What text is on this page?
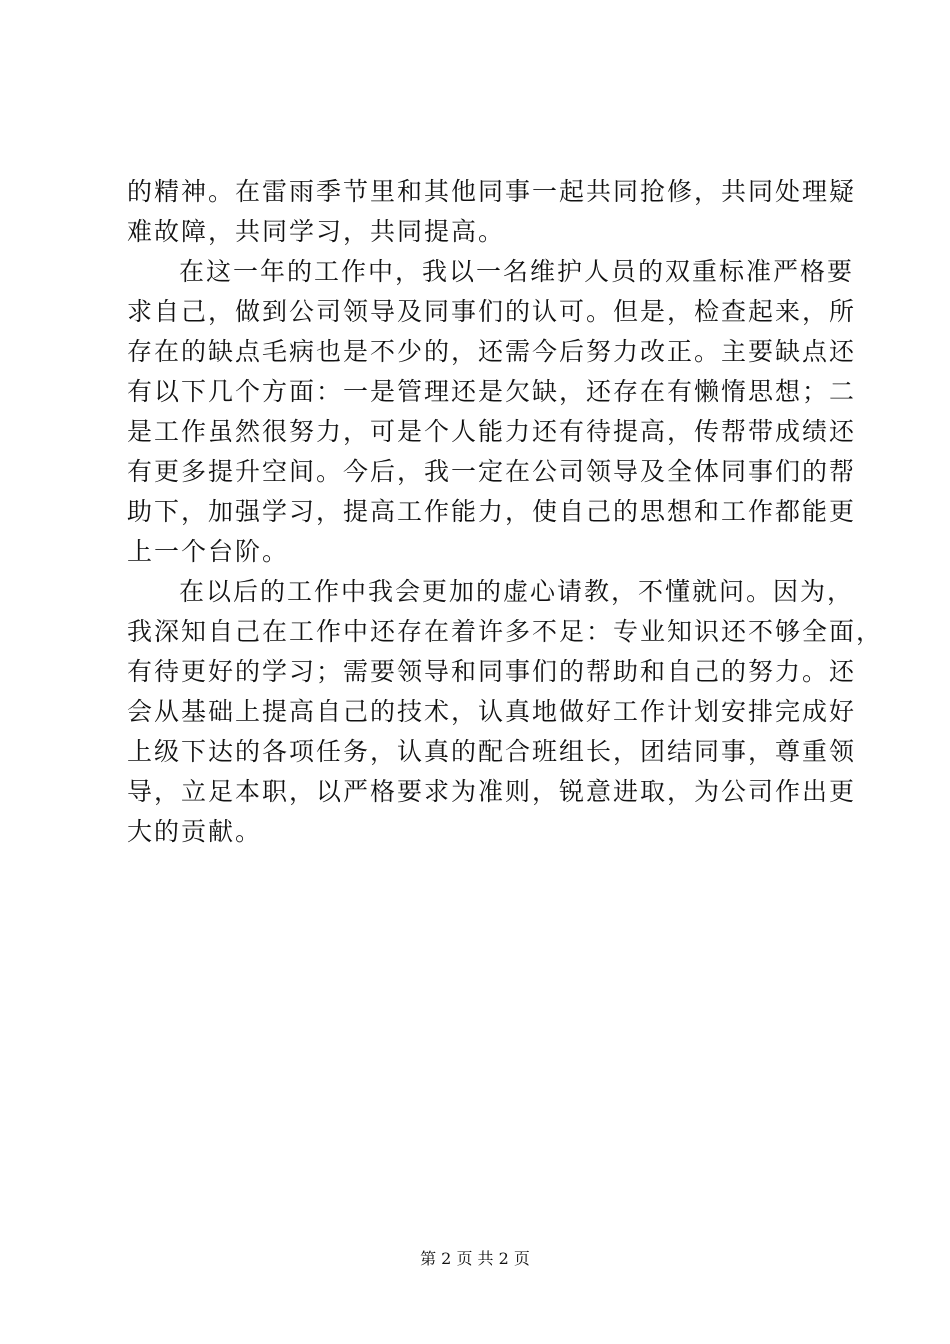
的精神。在雷雨季节里和其他同事一起共同抢修，共同处理疑
难故障，共同学习，共同提高。
在这一年的工作中，我以一名维护人员的双重标准严格要
求自己，做到公司领导及同事们的认可。但是，检查起来，所
存在的缺点毛病也是不少的，还需今后努力改正。主要缺点还
有以下几个方面：一是管理还是欠缺，还存在有懒惰思想；二
是工作虽然很努力，可是个人能力还有待提高，传帮带成绩还
有更多提升空间。今后，我一定在公司领导及全体同事们的帮
助下，加强学习，提高工作能力，使自己的思想和工作都能更
上一个台阶。
在以后的工作中我会更加的虚心请教，不懂就问。因为，
我深知自己在工作中还存在着许多不足：专业知识还不够全面，
有待更好的学习；需要领导和同事们的帮助和自己的努力。还
会从基础上提高自己的技术，认真地做好工作计划安排完成好
上级下达的各项任务，认真的配合班组长，团结同事，尊重领
导，立足本职，以严格要求为准则，锐意进取，为公司作出更
大的贡献。
第 2 页 共 2 页
